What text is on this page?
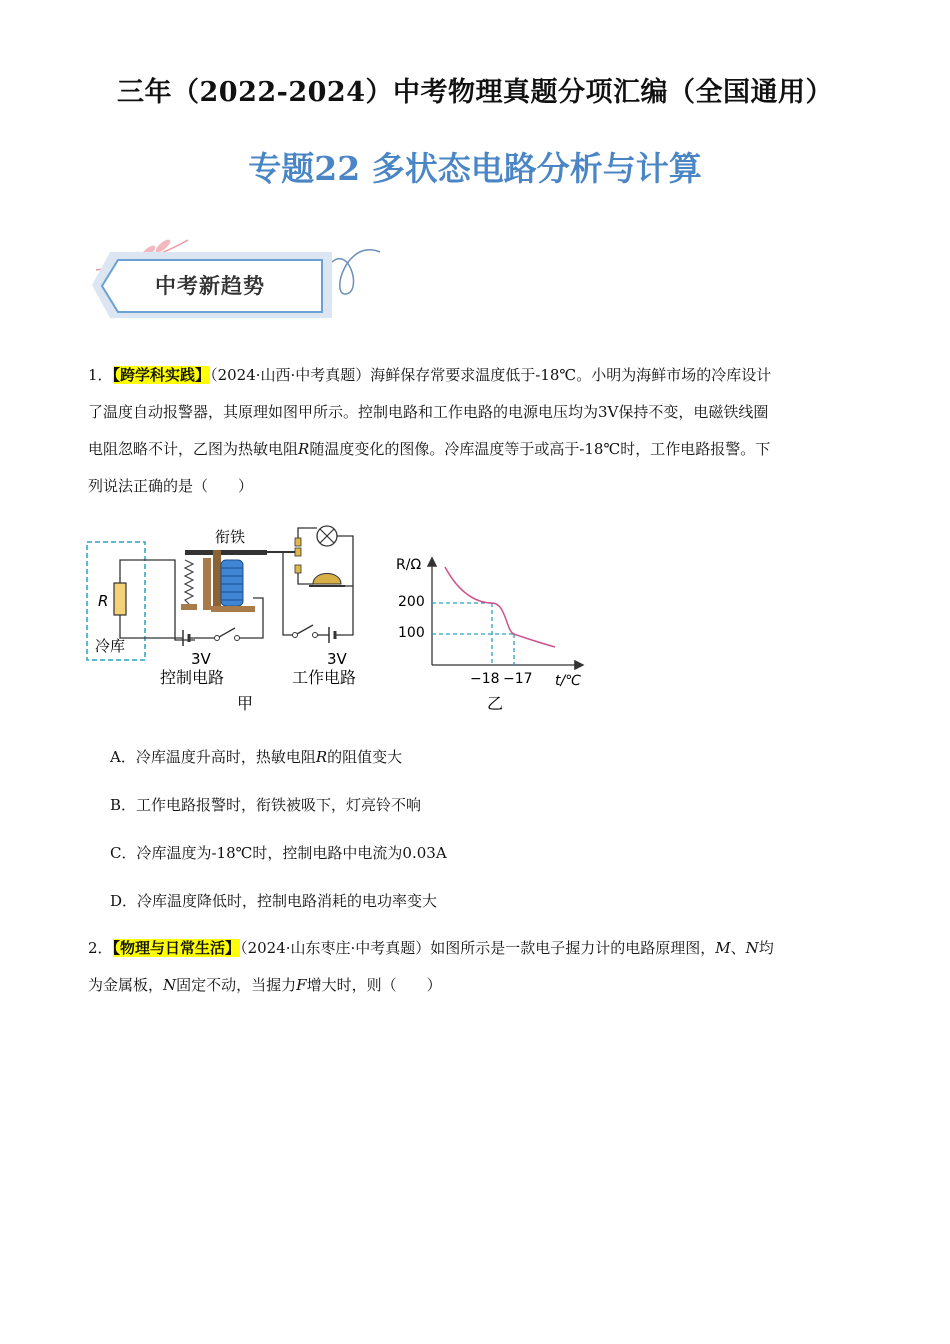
三年（2022-2024）中考物理真题分项汇编（全国通用）
专题22 多状态电路分析与计算
中考新趋势

1．【跨学科实践】（2024·山西·中考真题）海鲜保存常要求温度低于-18℃。小明为海鲜市场的冷库设计

了温度自动报警器，其原理如图甲所示。控制电路和工作电路的电源电压均为3V保持不变，电磁铁线圈

电阻忽略不计，乙图为热敏电阻R随温度变化的图像。冷库温度等于或高于-18℃时，工作电路报警。下

列说法正确的是（　　）

冷库
R
衔铁
3V	3V
控制电路	工作电路
甲
R/Ω
t/℃
200
100
−18 −17
乙
A．冷库温度升高时，热敏电阻R的阻值变大
B．工作电路报警时，衔铁被吸下，灯亮铃不响
C．冷库温度为-18℃时，控制电路中电流为0.03A
D．冷库温度降低时，控制电路消耗的电功率变大

2．【物理与日常生活】（2024·山东枣庄·中考真题）如图所示是一款电子握力计的电路原理图，M、N均

为金属板，N固定不动，当握力F增大时，则（　　）
